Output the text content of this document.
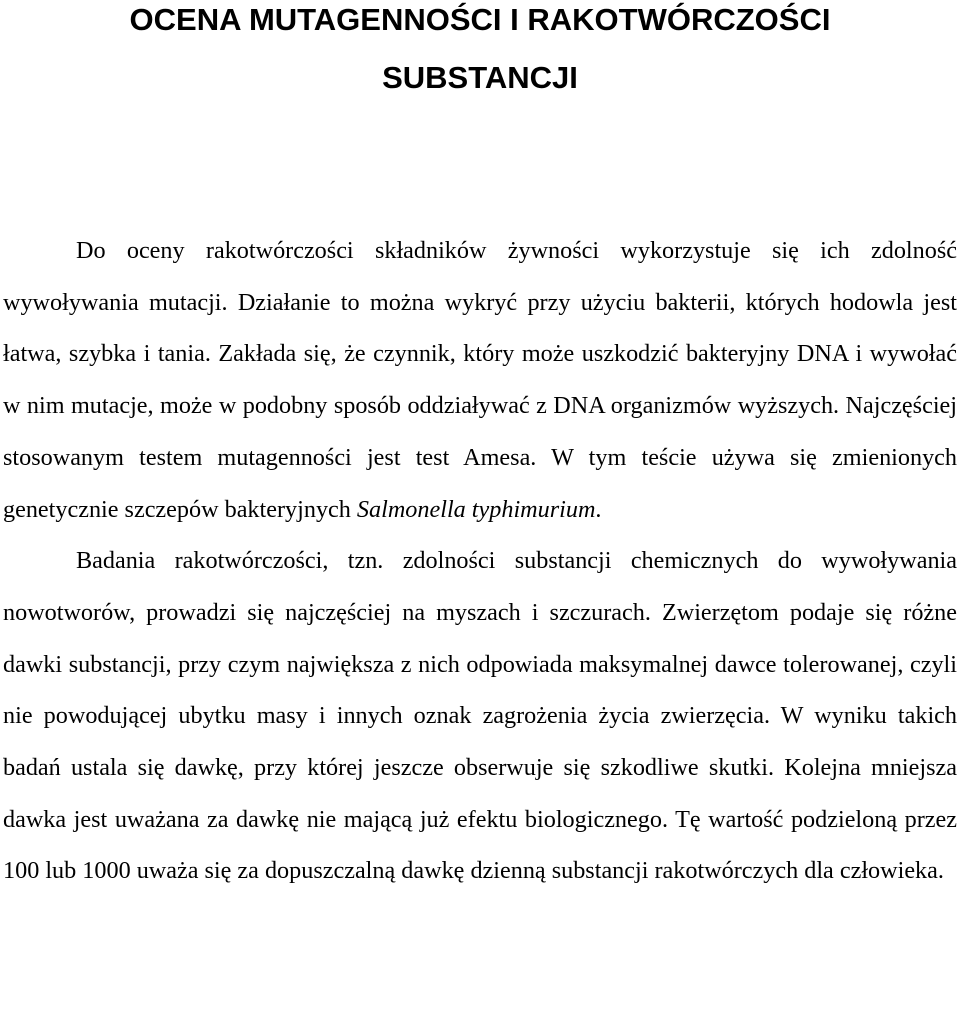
OCENA MUTAGENNOŚCI I RAKOTWÓRCZOŚCI
SUBSTANCJI

Do oceny rakotwórczości składników żywności wykorzystuje się ich zdolność wywoływania mutacji. Działanie to można wykryć przy użyciu bakterii, których hodowla jest łatwa, szybka i tania. Zakłada się, że czynnik, który może uszkodzić bakteryjny DNA i wywołać w nim mutacje, może w podobny sposób oddziaływać z DNA organizmów wyższych. Najczęściej stosowanym testem mutagenności jest test Amesa. W tym teście używa się zmienionych genetycznie szczepów bakteryjnych Salmonella typhimurium.

Badania rakotwórczości, tzn. zdolności substancji chemicznych do wywoływania nowotworów, prowadzi się najczęściej na myszach i szczurach. Zwierzętom podaje się różne dawki substancji, przy czym największa z nich odpowiada maksymalnej dawce tolerowanej, czyli nie powodującej ubytku masy i innych oznak zagrożenia życia zwierzęcia. W wyniku takich badań ustala się dawkę, przy której jeszcze obserwuje się szkodliwe skutki. Kolejna mniejsza dawka jest uważana za dawkę nie mającą już efektu biologicznego. Tę wartość podzieloną przez 100 lub 1000 uważa się za dopuszczalną dawkę dzienną substancji rakotwórczych dla człowieka.
